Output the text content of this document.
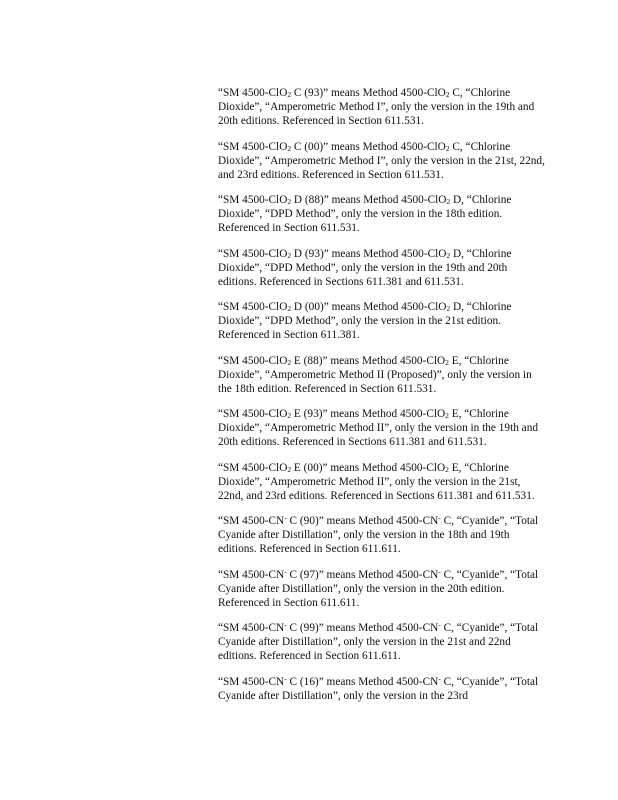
“SM 4500-ClO2 C (93)” means Method 4500-ClO2 C, “Chlorine Dioxide”, “Amperometric Method I”, only the version in the 19th and 20th editions. Referenced in Section 611.531.

“SM 4500-ClO2 C (00)” means Method 4500-ClO2 C, “Chlorine Dioxide”, “Amperometric Method I”, only the version in the 21st, 22nd, and 23rd editions. Referenced in Section 611.531.

“SM 4500-ClO2 D (88)” means Method 4500-ClO2 D, “Chlorine Dioxide”, “DPD Method”, only the version in the 18th edition. Referenced in Section 611.531.

“SM 4500-ClO2 D (93)” means Method 4500-ClO2 D, “Chlorine Dioxide”, “DPD Method”, only the version in the 19th and 20th editions. Referenced in Sections 611.381 and 611.531.

“SM 4500-ClO2 D (00)” means Method 4500-ClO2 D, “Chlorine Dioxide”, “DPD Method”, only the version in the 21st edition. Referenced in Section 611.381.

“SM 4500-ClO2 E (88)” means Method 4500-ClO2 E, “Chlorine Dioxide”, “Amperometric Method II (Proposed)”, only the version in the 18th edition. Referenced in Section 611.531.

“SM 4500-ClO2 E (93)” means Method 4500-ClO2 E, “Chlorine Dioxide”, “Amperometric Method II”, only the version in the 19th and 20th editions. Referenced in Sections 611.381 and 611.531.

“SM 4500-ClO2 E (00)” means Method 4500-ClO2 E, “Chlorine Dioxide”, “Amperometric Method II”, only the version in the 21st, 22nd, and 23rd editions. Referenced in Sections 611.381 and 611.531.

“SM 4500-CN- C (90)” means Method 4500-CN- C, “Cyanide”, “Total Cyanide after Distillation”, only the version in the 18th and 19th editions. Referenced in Section 611.611.

“SM 4500-CN- C (97)” means Method 4500-CN- C, “Cyanide”, “Total Cyanide after Distillation”, only the version in the 20th edition. Referenced in Section 611.611.

“SM 4500-CN- C (99)” means Method 4500-CN- C, “Cyanide”, “Total Cyanide after Distillation”, only the version in the 21st and 22nd editions. Referenced in Section 611.611.

“SM 4500-CN- C (16)” means Method 4500-CN- C, “Cyanide”, “Total Cyanide after Distillation”, only the version in the 23rd
